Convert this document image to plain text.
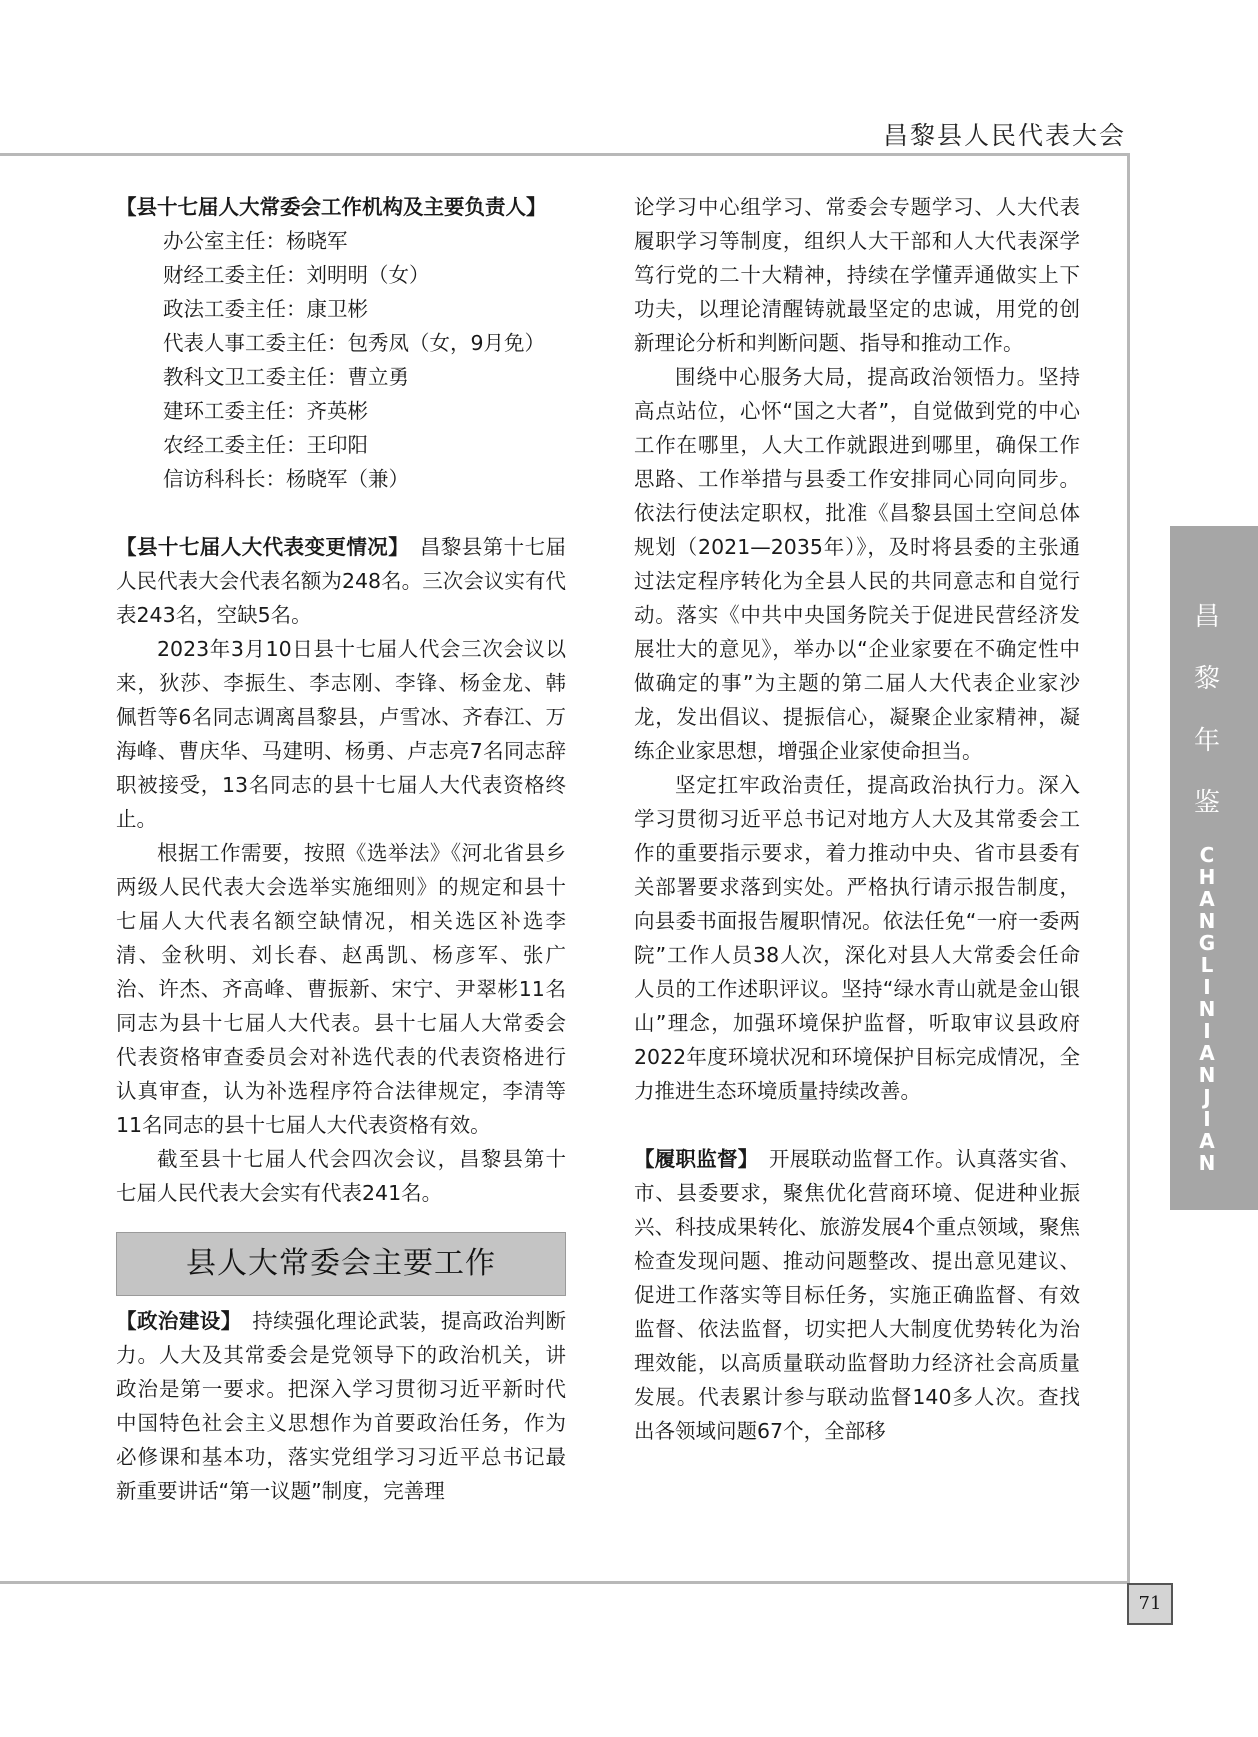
昌黎县人民代表大会

【县十七届人大常委会工作机构及主要负责人】

办公室主任：杨晓军
财经工委主任：刘明明（女）
政法工委主任：康卫彬
代表人事工委主任：包秀凤（女，9月免）
教科文卫工委主任：曹立勇
建环工委主任：齐英彬
农经工委主任：王印阳
信访科科长：杨晓军（兼）

【县十七届人大代表变更情况】　 昌黎县第十七届人民代表大会代表名额为248名。三次会议实有代表243名，空缺5名。

2023年3月10日县十七届人代会三次会议以来，狄莎、李振生、李志刚、李锋、杨金龙、韩佩哲等6名同志调离昌黎县，卢雪冰、齐春江、万海峰、曹庆华、马建明、杨勇、卢志亮7名同志辞职被接受，13名同志的县十七届人大代表资格终止。

根据工作需要，按照《选举法》《河北省县乡两级人民代表大会选举实施细则》的规定和县十七届人大代表名额空缺情况，相关选区补选李清、金秋明、刘长春、赵禹凯、杨彦军、张广治、许杰、齐高峰、曹振新、宋宁、尹翠彬11名同志为县十七届人大代表。县十七届人大常委会代表资格审查委员会对补选代表的代表资格进行认真审查，认为补选程序符合法律规定，李清等11名同志的县十七届人大代表资格有效。

截至县十七届人代会四次会议，昌黎县第十七届人民代表大会实有代表241名。

县人大常委会主要工作

【政治建设】　 持续强化理论武装，提高政治判断力。人大及其常委会是党领导下的政治机关，讲政治是第一要求。把深入学习贯彻习近平新时代中国特色社会主义思想作为首要政治任务，作为必修课和基本功，落实党组学习习近平总书记最新重要讲话“第一议题”制度，完善理

论学习中心组学习、常委会专题学习、人大代表履职学习等制度，组织人大干部和人大代表深学笃行党的二十大精神，持续在学懂弄通做实上下功夫，以理论清醒铸就最坚定的忠诚，用党的创新理论分析和判断问题、指导和推动工作。

围绕中心服务大局，提高政治领悟力。坚持高点站位，心怀“国之大者”，自觉做到党的中心工作在哪里，人大工作就跟进到哪里，确保工作思路、工作举措与县委工作安排同心同向同步。依法行使法定职权，批准《昌黎县国土空间总体规划（2021—2035年）》，及时将县委的主张通过法定程序转化为全县人民的共同意志和自觉行动。落实《中共中央国务院关于促进民营经济发展壮大的意见》，举办以“企业家要在不确定性中做确定的事”为主题的第二届人大代表企业家沙龙，发出倡议、提振信心，凝聚企业家精神，凝练企业家思想，增强企业家使命担当。

坚定扛牢政治责任，提高政治执行力。深入学习贯彻习近平总书记对地方人大及其常委会工作的重要指示要求，着力推动中央、省市县委有关部署要求落到实处。严格执行请示报告制度，向县委书面报告履职情况。依法任免“一府一委两院”工作人员38人次，深化对县人大常委会任命人员的工作述职评议。坚持“绿水青山就是金山银山”理念，加强环境保护监督，听取审议县政府2022年度环境状况和环境保护目标完成情况，全力推进生态环境质量持续改善。

【履职监督】　 开展联动监督工作。认真落实省、市、县委要求，聚焦优化营商环境、促进种业振兴、科技成果转化、旅游发展4个重点领域，聚焦检查发现问题、推动问题整改、提出意见建议、促进工作落实等目标任务，实施正确监督、有效监督、依法监督，切实把人大制度优势转化为治理效能，以高质量联动监督助力经济社会高质量发展。代表累计参与联动监督140多人次。查找出各领域问题67个，全部移

昌
黎
年
鉴
C
H
A
N
G
L
I
N
I
A
N
J
I
A
N
71
